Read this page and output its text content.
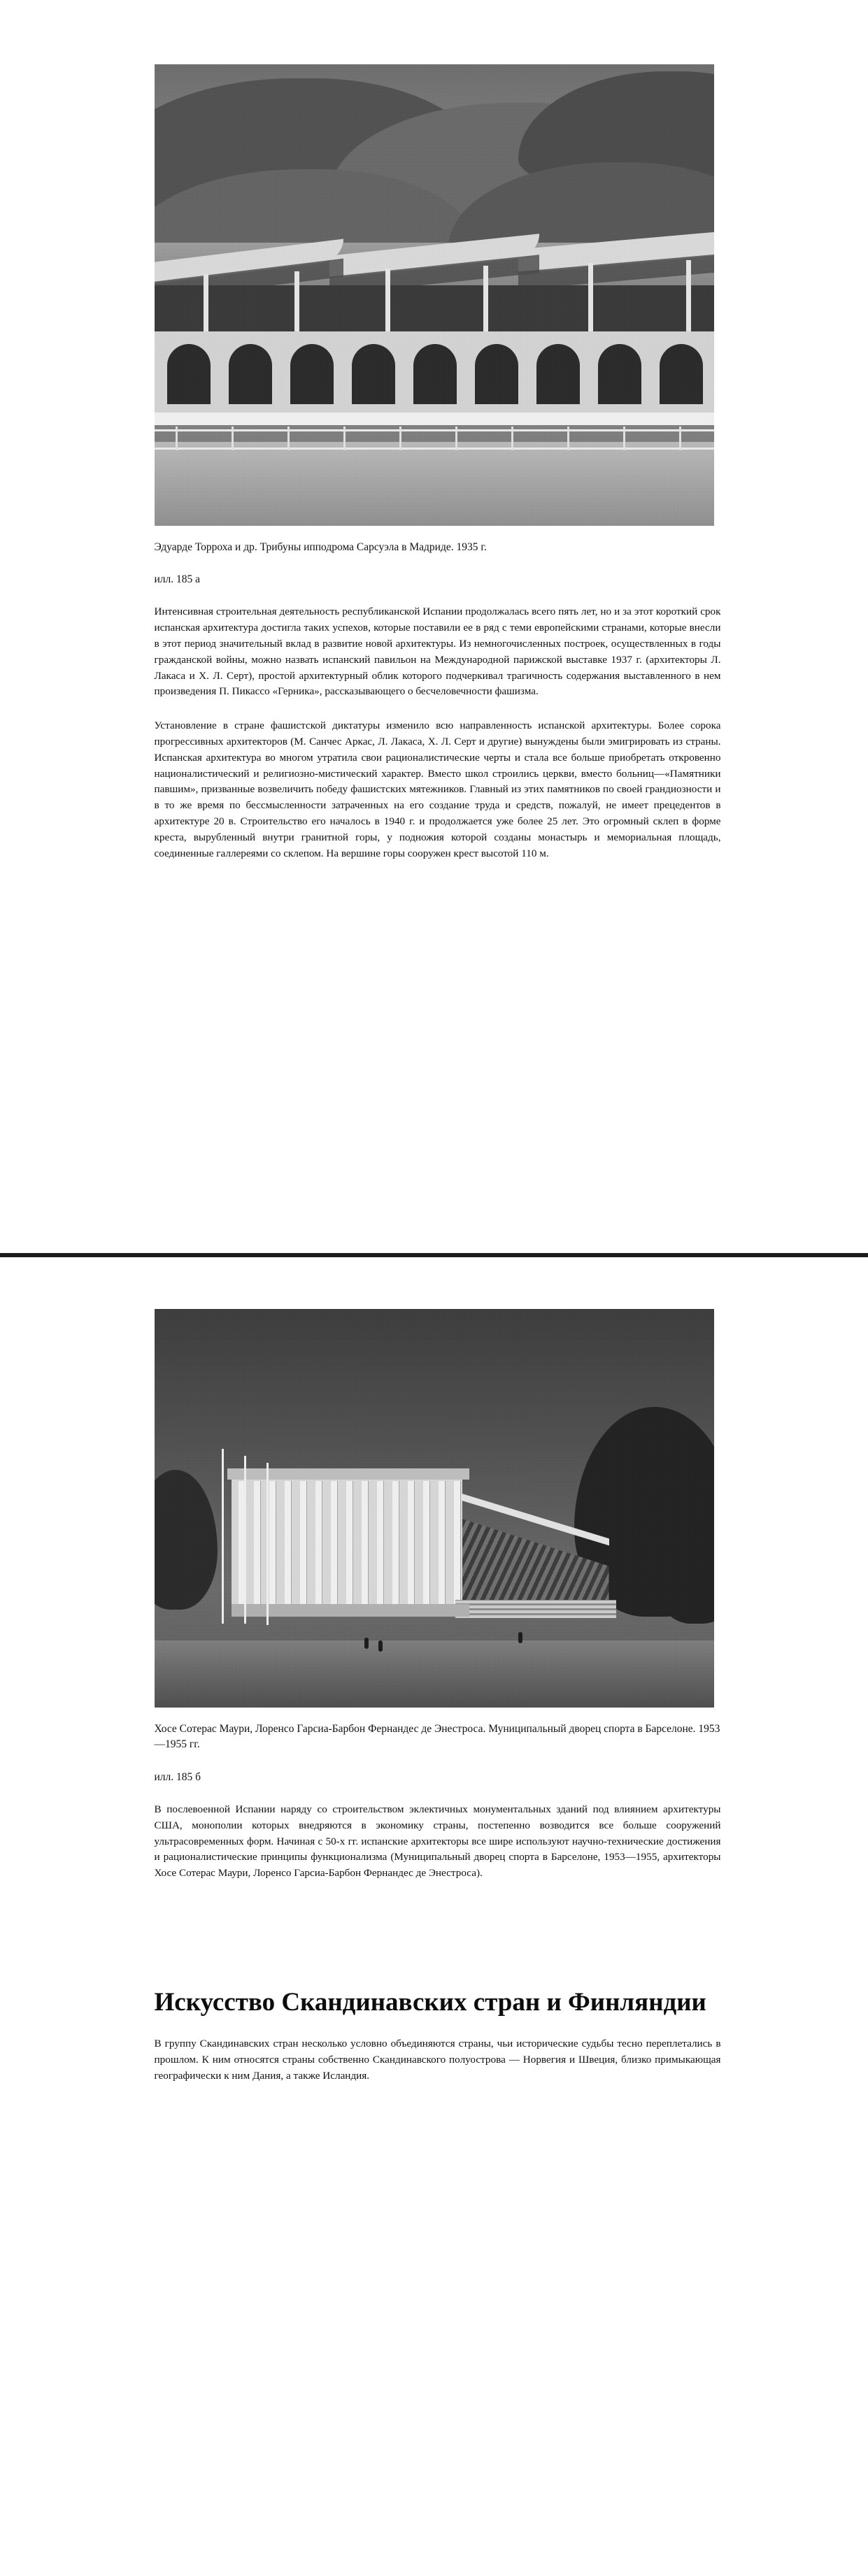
Эдуарде Торроха и др. Трибуны ипподрома Сарсуэла в Мадриде. 1935 г.
илл. 185 а

Интенсивная строительная деятельность республиканской Испании продолжалась всего пять лет, но и за этот короткий срок испанская архитектура достигла таких успехов, которые поставили ее в ряд с теми европейскими странами, которые внесли в этот период значительный вклад в развитие новой архитектуры. Из немногочисленных построек, осуществленных в годы гражданской войны, можно назвать испанский павильон на Международной парижской выставке 1937 г. (архитекторы Л. Лакаса и Х. Л. Серт), простой архитектурный облик которого подчеркивал трагичность содержания выставленного в нем произведения П. Пикассо «Герника», рассказывающего о бесчеловечности фашизма.

Установление в стране фашистской диктатуры изменило всю направленность испанской архитектуры. Более сорока прогрессивных архитекторов (М. Санчес Аркас, Л. Лакаса, Х. Л. Серт и другие) вынуждены были эмигрировать из страны. Испанская архитектура во многом утратила свои рационалистические черты и стала все больше приобретать откровенно националистический и религиозно-мистический характер. Вместо школ строились церкви, вместо больниц—«Памятники павшим», призванные возвеличить победу фашистских мятежников. Главный из этих памятников по своей грандиозности и в то же время по бессмысленности затраченных на его создание труда и средств, пожалуй, не имеет прецедентов в архитектуре 20 в. Строительство его началось в 1940 г. и продолжается уже более 25 лет. Это огромный склеп в форме креста, вырубленный внутри гранитной горы, у подножия которой созданы монастырь и мемориальная площадь, соединенные галлереями со склепом. На вершине горы сооружен крест высотой 110 м.

Хосе Сотерас Маури, Лоренсо Гарсиа-Барбон Фернандес де Энестроса. Муниципальный дворец спорта в Барселоне. 1953—1955 гг.
илл. 185 б

В послевоенной Испании наряду со строительством эклектичных монументальных зданий под влиянием архитектуры США, монополии которых внедряются в экономику страны, постепенно возводится все больше сооружений ультрасовременных форм. Начиная с 50-х гг. испанские архитекторы все шире используют научно-технические достижения и рационалистические принципы функционализма (Муниципальный дворец спорта в Барселоне, 1953—1955, архитекторы Хосе Сотерас Маури, Лоренсо Гарсиа-Барбон Фернандес де Энестроса).

Искусство Скандинавских стран и Финляндии

В группу Скандинавских стран несколько условно объединяются страны, чьи исторические судьбы тесно переплетались в прошлом. К ним относятся страны собственно Скандинавского полуострова — Норвегия и Швеция, близко примыкающая географически к ним Дания, а также Исландия.
